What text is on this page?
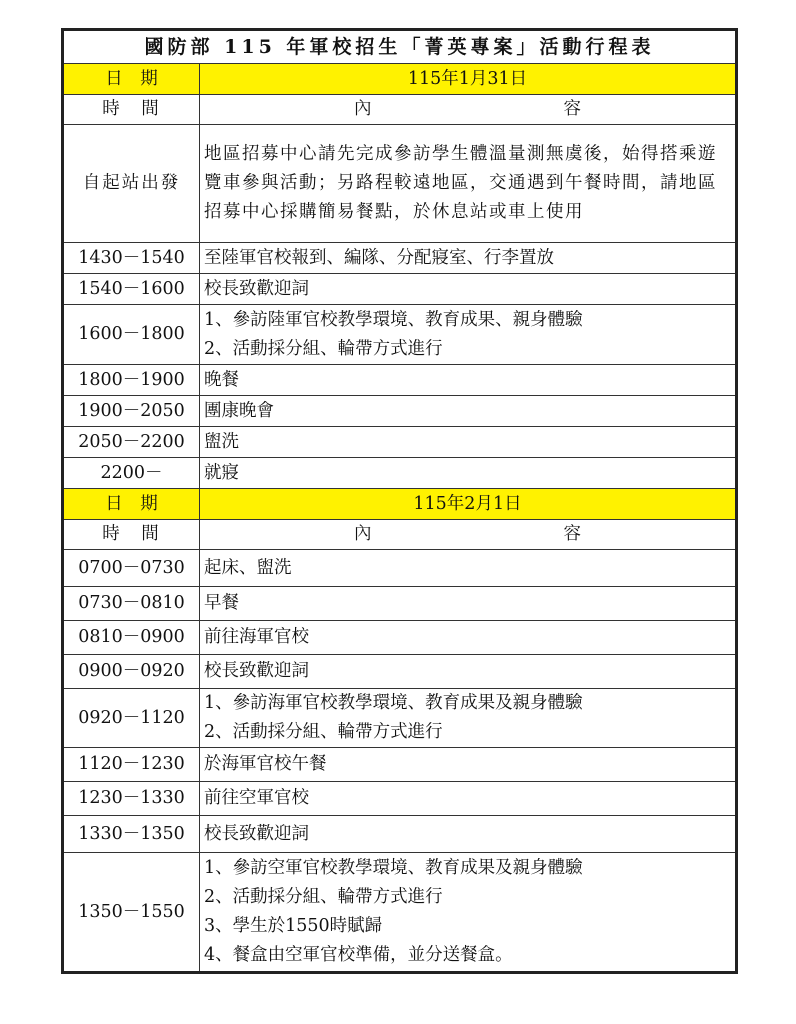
國防部 115 年軍校招生「菁英專案」活動行程表	
日　期	115年1月31日
時　間	內 容

自起站出發	地區招募中心請先完成參訪學生體溫量測無虞後，始得搭乘遊覽車參與活動；另路程較遠地區，交通遇到午餐時間，請地區招募中心採購簡易餐點，於休息站或車上使用

1430－1540	至陸軍官校報到、編隊、分配寢室、行李置放

1540－1600	校長致歡迎詞

1600－1800	1、參訪陸軍官校教學環境、教育成果、親身體驗
2、活動採分組、輪帶方式進行

1800－1900	晚餐

1900－2050	團康晚會

2050－2200	盥洗

2200－	就寢

日　期	115年2月1日
時　間	內 容

0700－0730	起床、盥洗

0730－0810	早餐

0810－0900	前往海軍官校

0900－0920	校長致歡迎詞

0920－1120	1、參訪海軍官校教學環境、教育成果及親身體驗
2、活動採分組、輪帶方式進行

1120－1230	於海軍官校午餐

1230－1330	前往空軍官校

1330－1350	校長致歡迎詞

1350－1550	1、參訪空軍官校教學環境、教育成果及親身體驗
2、活動採分組、輪帶方式進行
3、學生於1550時賦歸
4、餐盒由空軍官校準備，並分送餐盒。
